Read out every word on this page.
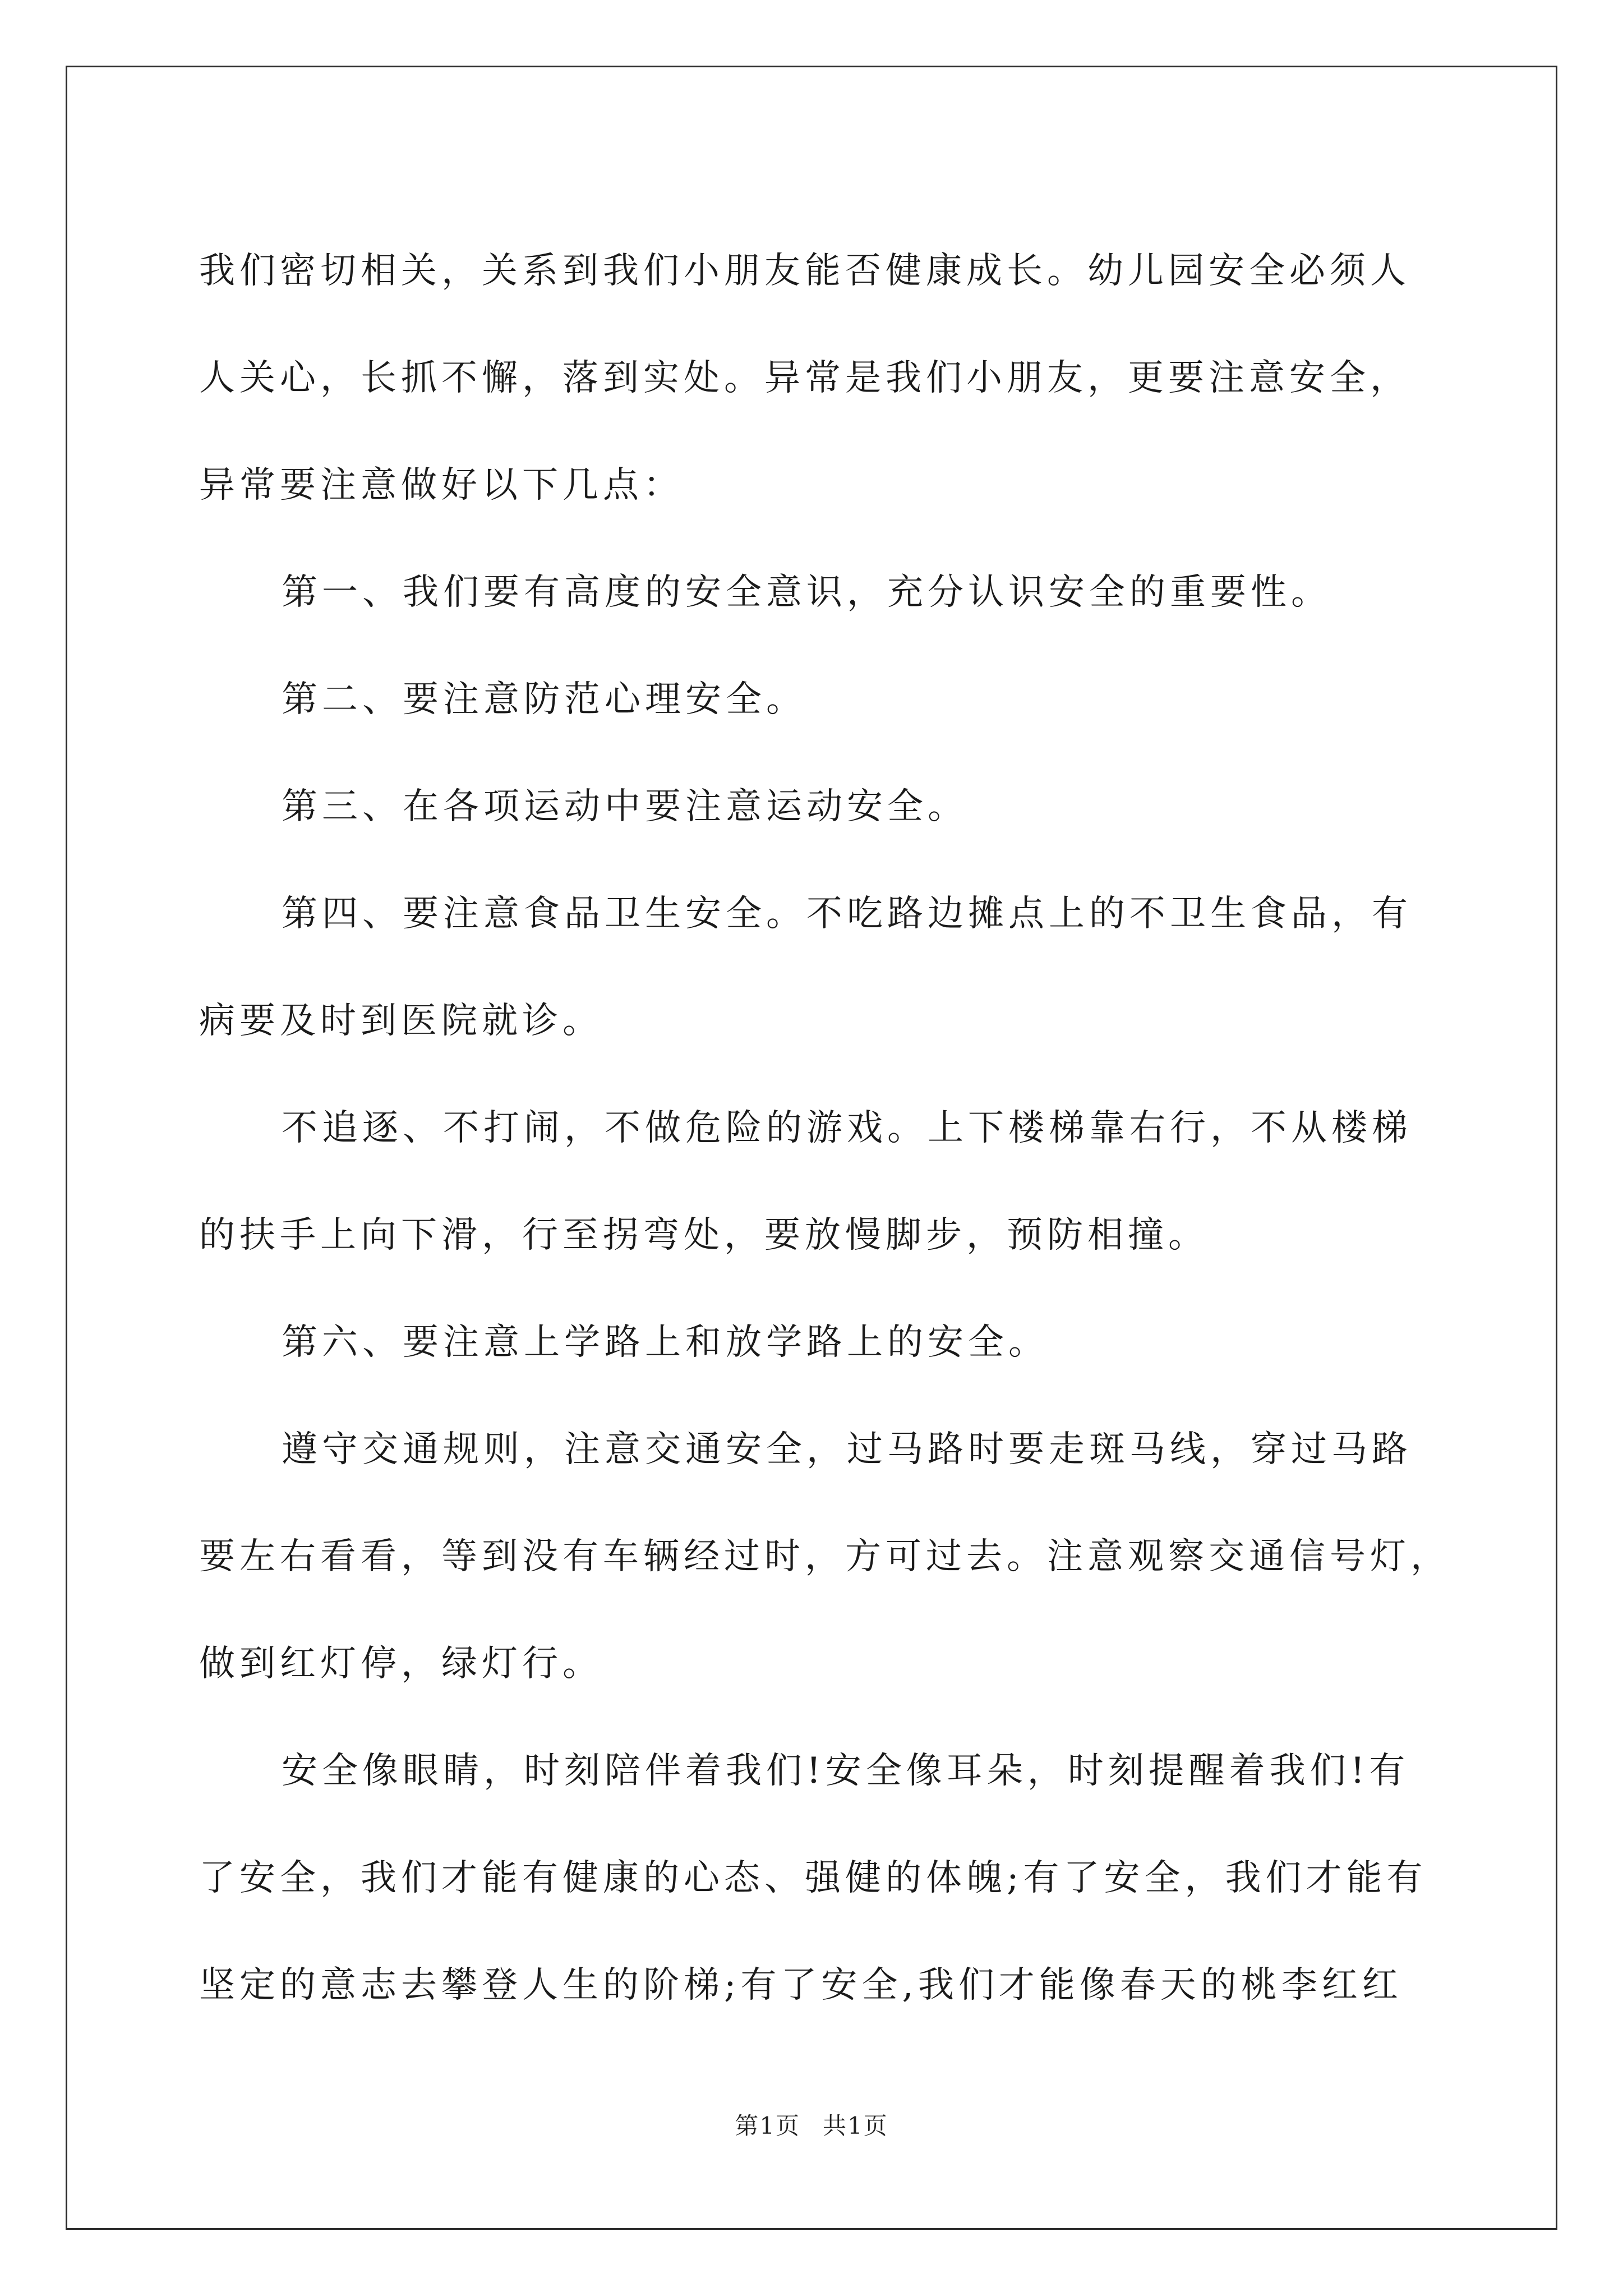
我们密切相关，关系到我们小朋友能否健康成长。幼儿园安全必须人
人关心，长抓不懈，落到实处。异常是我们小朋友，更要注意安全，
异常要注意做好以下几点：
第一、我们要有高度的安全意识，充分认识安全的重要性。
第二、要注意防范心理安全。
第三、在各项运动中要注意运动安全。
第四、要注意食品卫生安全。不吃路边摊点上的不卫生食品，有
病要及时到医院就诊。
不追逐、不打闹，不做危险的游戏。上下楼梯靠右行，不从楼梯
的扶手上向下滑，行至拐弯处，要放慢脚步，预防相撞。
第六、要注意上学路上和放学路上的安全。
遵守交通规则，注意交通安全，过马路时要走斑马线，穿过马路
要左右看看，等到没有车辆经过时，方可过去。注意观察交通信号灯，
做到红灯停，绿灯行。
安全像眼睛，时刻陪伴着我们!安全像耳朵，时刻提醒着我们!有
了安全，我们才能有健康的心态、强健的体魄;有了安全，我们才能有
坚定的意志去攀登人生的阶梯;有了安全,我们才能像春天的桃李红红
第1页 共1页
